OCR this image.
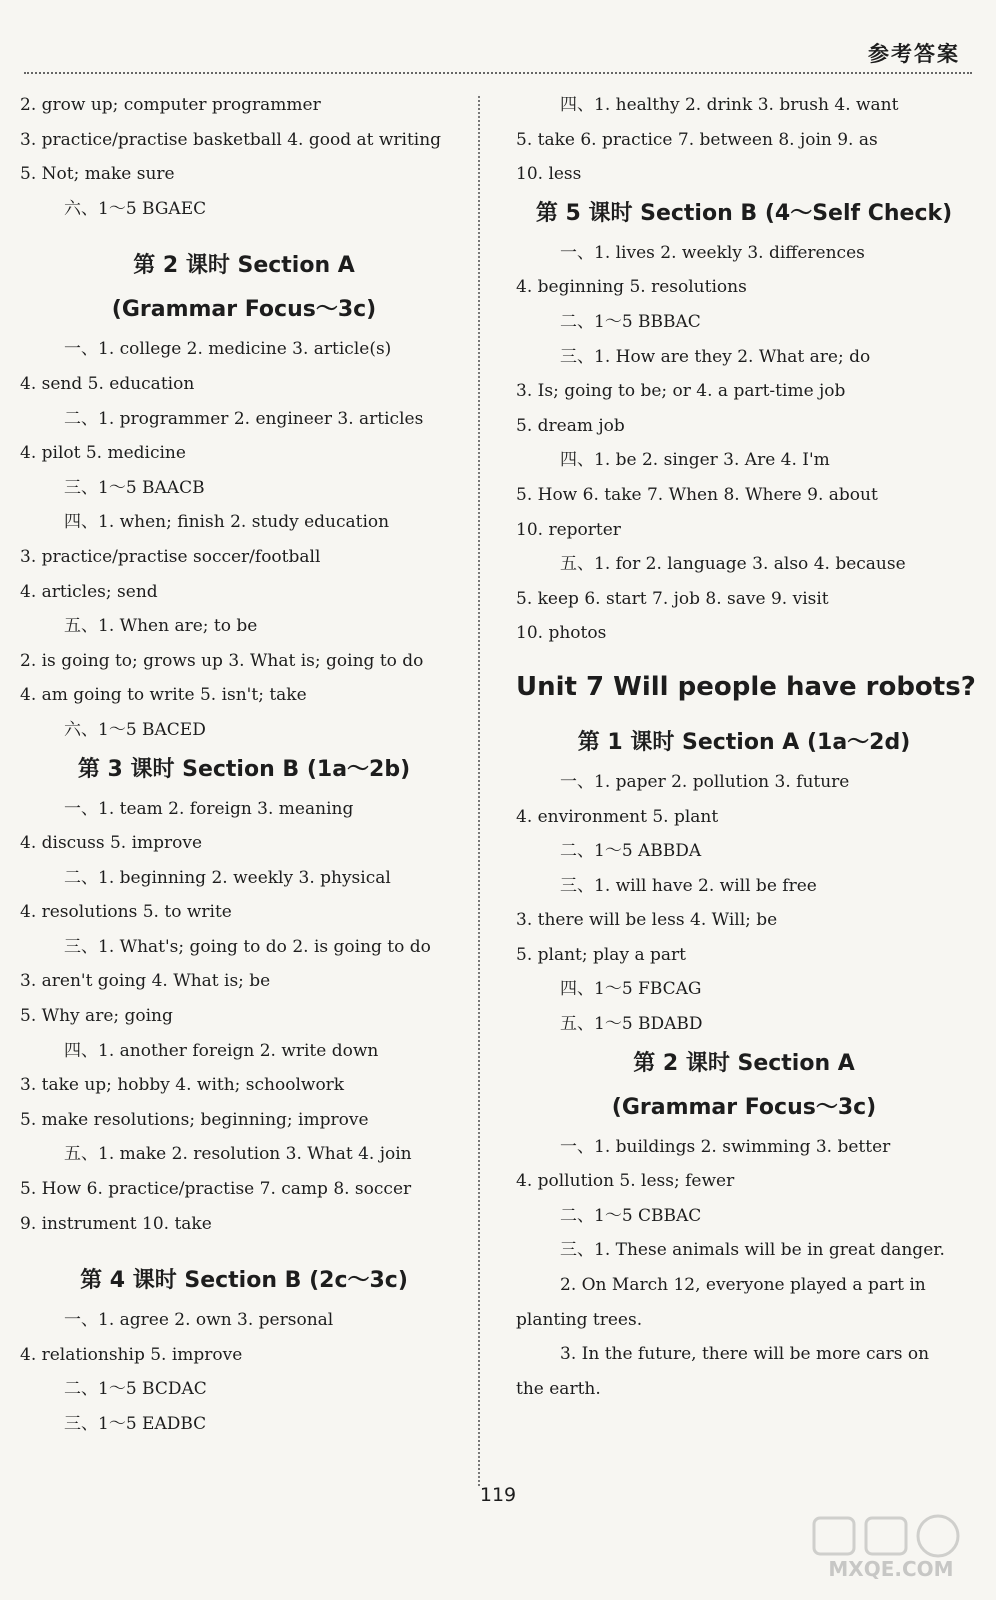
参考答案

2. grow up; computer programmer

3. practice/practise basketball 4. good at writing

5. Not; make sure

六、1～5 BGAEC

第 2 课时 Section A
(Grammar Focus～3c)

一、1. college 2. medicine 3. article(s)

4. send 5. education

二、1. programmer 2. engineer 3. articles

4. pilot 5. medicine

三、1～5 BAACB

四、1. when; finish 2. study education

3. practice/practise soccer/football

4. articles; send

五、1. When are; to be

2. is going to; grows up 3. What is; going to do

4. am going to write 5. isn't; take

六、1～5 BACED

第 3 课时 Section B (1a～2b)

一、1. team 2. foreign 3. meaning

4. discuss 5. improve

二、1. beginning 2. weekly 3. physical

4. resolutions 5. to write

三、1. What's; going to do 2. is going to do

3. aren't going 4. What is; be

5. Why are; going

四、1. another foreign 2. write down

3. take up; hobby 4. with; schoolwork

5. make resolutions; beginning; improve

五、1. make 2. resolution 3. What 4. join

5. How 6. practice/practise 7. camp 8. soccer

9. instrument 10. take

第 4 课时 Section B (2c～3c)

一、1. agree 2. own 3. personal

4. relationship 5. improve

二、1～5 BCDAC

三、1～5 EADBC

四、1. healthy 2. drink 3. brush 4. want

5. take 6. practice 7. between 8. join 9. as

10. less

第 5 课时 Section B (4～Self Check)

一、1. lives 2. weekly 3. differences

4. beginning 5. resolutions

二、1～5 BBBAC

三、1. How are they 2. What are; do

3. Is; going to be; or 4. a part-time job

5. dream job

四、1. be 2. singer 3. Are 4. I'm

5. How 6. take 7. When 8. Where 9. about

10. reporter

五、1. for 2. language 3. also 4. because

5. keep 6. start 7. job 8. save 9. visit

10. photos

Unit 7 Will people have robots?
第 1 课时 Section A (1a～2d)

一、1. paper 2. pollution 3. future

4. environment 5. plant

二、1～5 ABBDA

三、1. will have 2. will be free

3. there will be less 4. Will; be

5. plant; play a part

四、1～5 FBCAG

五、1～5 BDABD

第 2 课时 Section A
(Grammar Focus～3c)

一、1. buildings 2. swimming 3. better

4. pollution 5. less; fewer

二、1～5 CBBAC

三、1. These animals will be in great danger.

2. On March 12, everyone played a part in

planting trees.

3. In the future, there will be more cars on

the earth.

119
MXQE.COM
